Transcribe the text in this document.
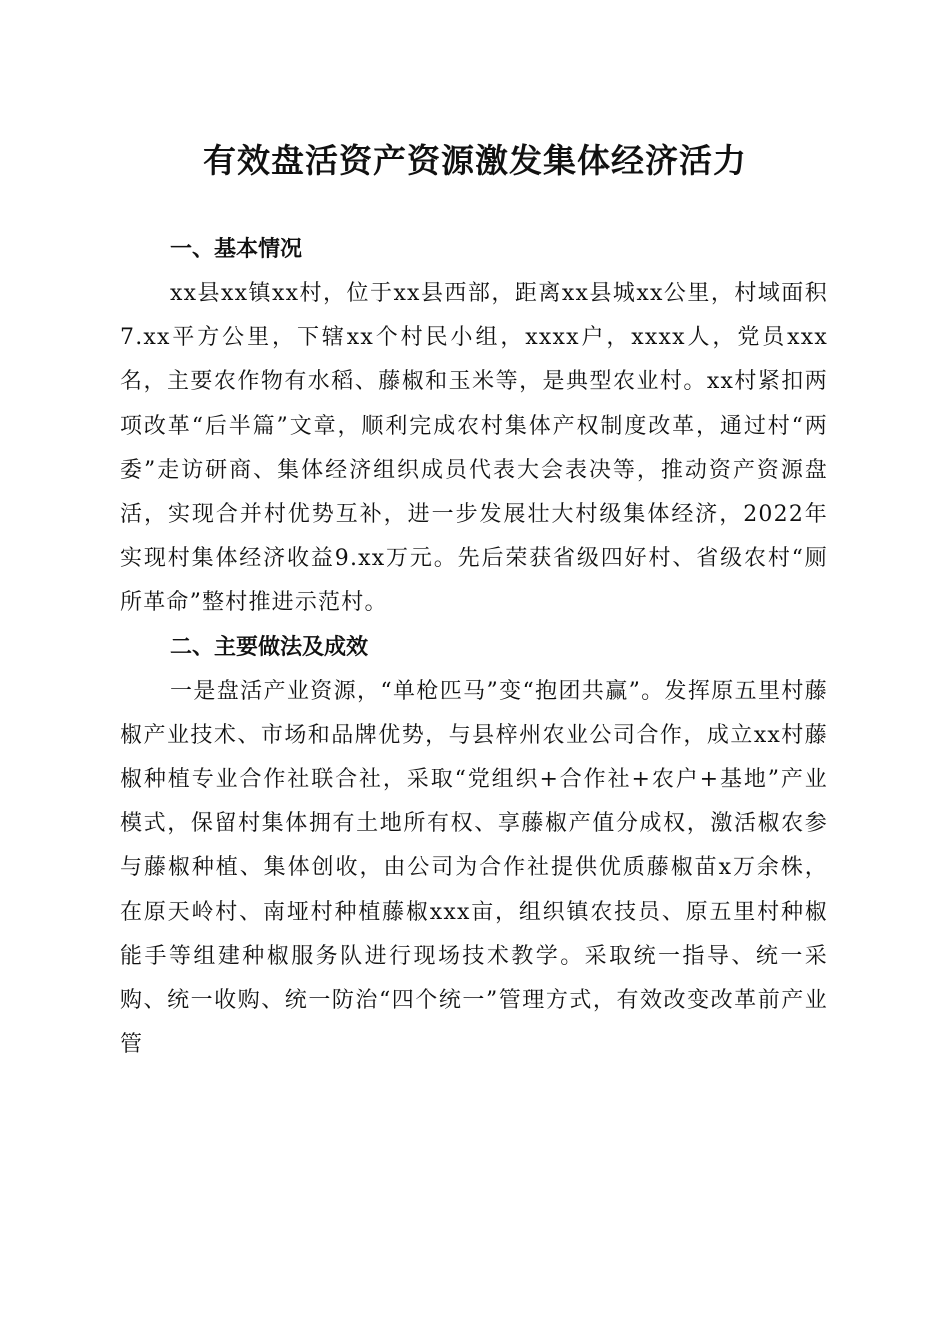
有效盘活资产资源激发集体经济活力
一、基本情况

xx县xx镇xx村，位于xx县西部，距离xx县城xx公里，村域面积7.xx平方公里，下辖xx个村民小组，xxxx户，xxxx人，党员xxx名，主要农作物有水稻、藤椒和玉米等，是典型农业村。xx村紧扣两项改革“后半篇”文章，顺利完成农村集体产权制度改革，通过村“两委”走访研商、集体经济组织成员代表大会表决等，推动资产资源盘活，实现合并村优势互补，进一步发展壮大村级集体经济，2022年实现村集体经济收益9.xx万元。先后荣获省级四好村、省级农村“厕所革命”整村推进示范村。

二、主要做法及成效

一是盘活产业资源，“单枪匹马”变“抱团共赢”。发挥原五里村藤椒产业技术、市场和品牌优势，与县梓州农业公司合作，成立xx村藤椒种植专业合作社联合社，采取“党组织+合作社+农户+基地”产业模式，保留村集体拥有土地所有权、享藤椒产值分成权，激活椒农参与藤椒种植、集体创收，由公司为合作社提供优质藤椒苗x万余株，在原天岭村、南垭村种植藤椒xxx亩，组织镇农技员、原五里村种椒能手等组建种椒服务队进行现场技术教学。采取统一指导、统一采购、统一收购、统一防治“四个统一”管理方式，有效改变改革前产业管
